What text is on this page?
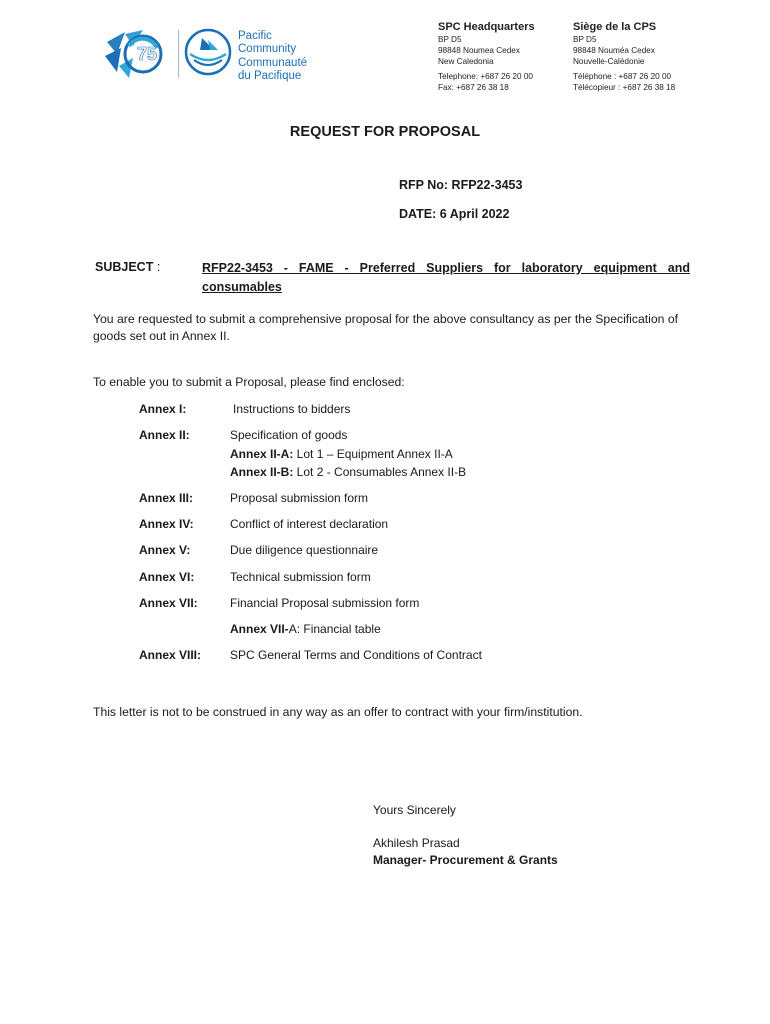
75
Pacific
Community
Communauté
du Pacifique
SPC Headquarters
BP D5
98848 Noumea Cedex
New Caledonia
Telephone: +687 26 20 00
Fax: +687 26 38 18
Siège de la CPS
BP D5
98848 Nouméa Cedex
Nouvelle-Calédonie
Téléphone : +687 26 20 00
Télécopieur : +687 26 38 18
REQUEST FOR PROPOSAL
RFP No: RFP22-3453
DATE: 6 April 2022
SUBJECT :	RFP22-3453 - FAME - Preferred Suppliers for laboratory equipment and consumables
You are requested to submit a comprehensive proposal for the above consultancy as per the Specification of goods set out in Annex II.
To enable you to submit a Proposal, please find enclosed:
Annex I:	Instructions to bidders
Annex II:	Specification of goods
Annex II-A: Lot 1 – Equipment Annex II-A
Annex II-B: Lot 2 - Consumables Annex II-B
Annex III:	Proposal submission form
Annex IV:	Conflict of interest declaration
Annex V:	Due diligence questionnaire
Annex VI:	Technical submission form
Annex VII:	Financial Proposal submission form
Annex VII-A: Financial table
Annex VIII: SPC General Terms and Conditions of Contract
This letter is not to be construed in any way as an offer to contract with your firm/institution.
Yours Sincerely
Akhilesh Prasad
Manager- Procurement & Grants
